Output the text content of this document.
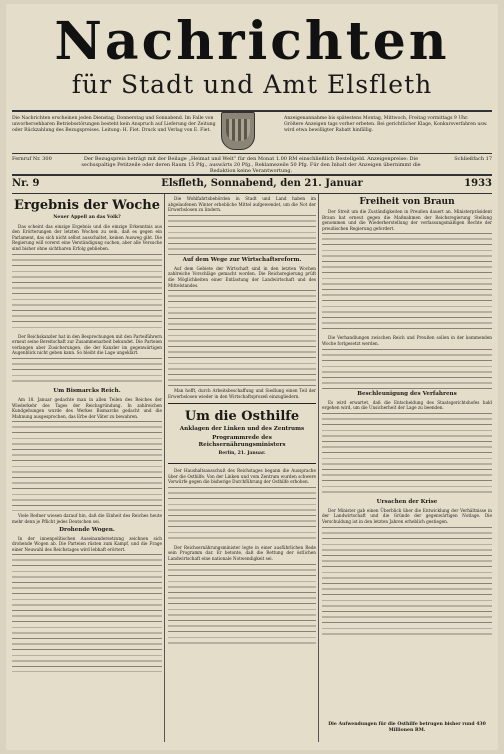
Nachrichten
für Stadt und Amt Elsfleth
Die Nachrichten erscheinen jeden Dienstag, Donnerstag und Sonnabend. Im Falle von unvorhersehbaren Betriebsstörungen besteht kein Anspruch auf Lieferung der Zeitung oder Rückzahlung des Bezugspreises. Leitung: H. Fiet. Druck und Verlag von E. Fiet.
Anzeigenannahme bis spätestens Montag, Mittwoch, Freitag vormittags 9 Uhr. Größere Anzeigen tags vorher erbeten. Bei gerichtlicher Klage, Konkursverfahren usw. wird etwa bewilligter Rabatt hinfällig.
Fernruf Nr. 300	Der Bezugspreis beträgt mit der Beilage „Heimat und Welt“ für den Monat 1.00 RM einschließlich Bestellgeld. Anzeigenpreise: Die sechsspaltige Petitzeile oder deren Raum 15 Pfg., auswärts 20 Pfg., Reklamezeile 50 Pfg. Für den Inhalt der Anzeigen übernimmt die Redaktion keine Verantwortung.
Schließfach 17
Nr. 9	Elsfleth, Sonnabend, den 21. Januar	1933
Ergebnis der Woche
Neuer Appell an das Volk?

Das scheint das einzige Ergebnis und die einzige Erkenntnis aus den Erörterungen der letzten Wochen zu sein, daß es gegen ein Parlament, das sich nicht selbst ausschaltet, keinen Ausweg gibt. Die Regierung will vorerst eine Verständigung suchen, aber alle Versuche sind bisher ohne sichtbaren Erfolg geblieben.

Der Reichskanzler hat in den Besprechungen mit den Parteiführern erneut seine Bereitschaft zur Zusammenarbeit bekundet. Die Parteien verlangen aber Zusicherungen, die der Kanzler im gegenwärtigen Augenblick nicht geben kann. So bleibt die Lage ungeklärt.

Um Bismarcks Reich.

Am 18. Januar gedachte man in allen Teilen des Reiches der Wiederkehr des Tages der Reichsgründung. In zahlreichen Kundgebungen wurde des Werkes Bismarcks gedacht und die Mahnung ausgesprochen, das Erbe der Väter zu bewahren.

Viele Redner wiesen darauf hin, daß die Einheit des Reiches heute mehr denn je Pflicht jedes Deutschen sei.

Drohende Wogen.

In der innenpolitischen Auseinandersetzung zeichnen sich drohende Wogen ab. Die Parteien rüsten zum Kampf, und die Frage einer Neuwahl des Reichstages wird lebhaft erörtert.

Die Wohlfahrtsbehörden in Stadt und Land haben im abgelaufenen Winter erhebliche Mittel aufgewendet, um die Not der Erwerbslosen zu lindern.

Auf dem Wege zur Wirtschaftsreform.

Auf dem Gebiete der Wirtschaft sind in den letzten Wochen zahlreiche Vorschläge gemacht worden. Die Reichsregierung prüft die Möglichkeiten einer Entlastung der Landwirtschaft und des Mittelstandes.

Man hofft, durch Arbeitsbeschaffung und Siedlung einen Teil der Erwerbslosen wieder in den Wirtschaftsprozeß einzugliedern.

Um die Osthilfe
Anklagen der Linken und des Zentrums
Programmrede des Reichsernährungsministers
Berlin, 21. Januar.

Der Haushaltsausschuß des Reichstages begann die Aussprache über die Osthilfe. Von der Linken und vom Zentrum wurden schwere Vorwürfe gegen die bisherige Durchführung der Osthilfe erhoben.

Der Reichsernährungsminister legte in einer ausführlichen Rede sein Programm dar. Er betonte, daß die Rettung der östlichen Landwirtschaft eine nationale Notwendigkeit sei.

Freiheit von Braun

Der Streit um die Zuständigkeiten in Preußen dauert an. Ministerpräsident Braun hat erneut gegen die Maßnahmen der Reichsregierung Stellung genommen und die Wiederherstellung der verfassungsmäßigen Rechte der preußischen Regierung gefordert.

Die Verhandlungen zwischen Reich und Preußen sollen in der kommenden Woche fortgesetzt werden.

Beschleunigung des Verfahrens

Es wird erwartet, daß die Entscheidung des Staatsgerichtshofes bald ergehen wird, um die Unsicherheit der Lage zu beenden.

Ursachen der Krise

Der Minister gab einen Überblick über die Entwicklung der Verhältnisse in der Landwirtschaft und die Gründe der gegenwärtigen Notlage. Die Verschuldung ist in den letzten Jahren erheblich gestiegen.

Die Aufwendungen für die Osthilfe betrugen bisher rund 430 Millionen RM.
